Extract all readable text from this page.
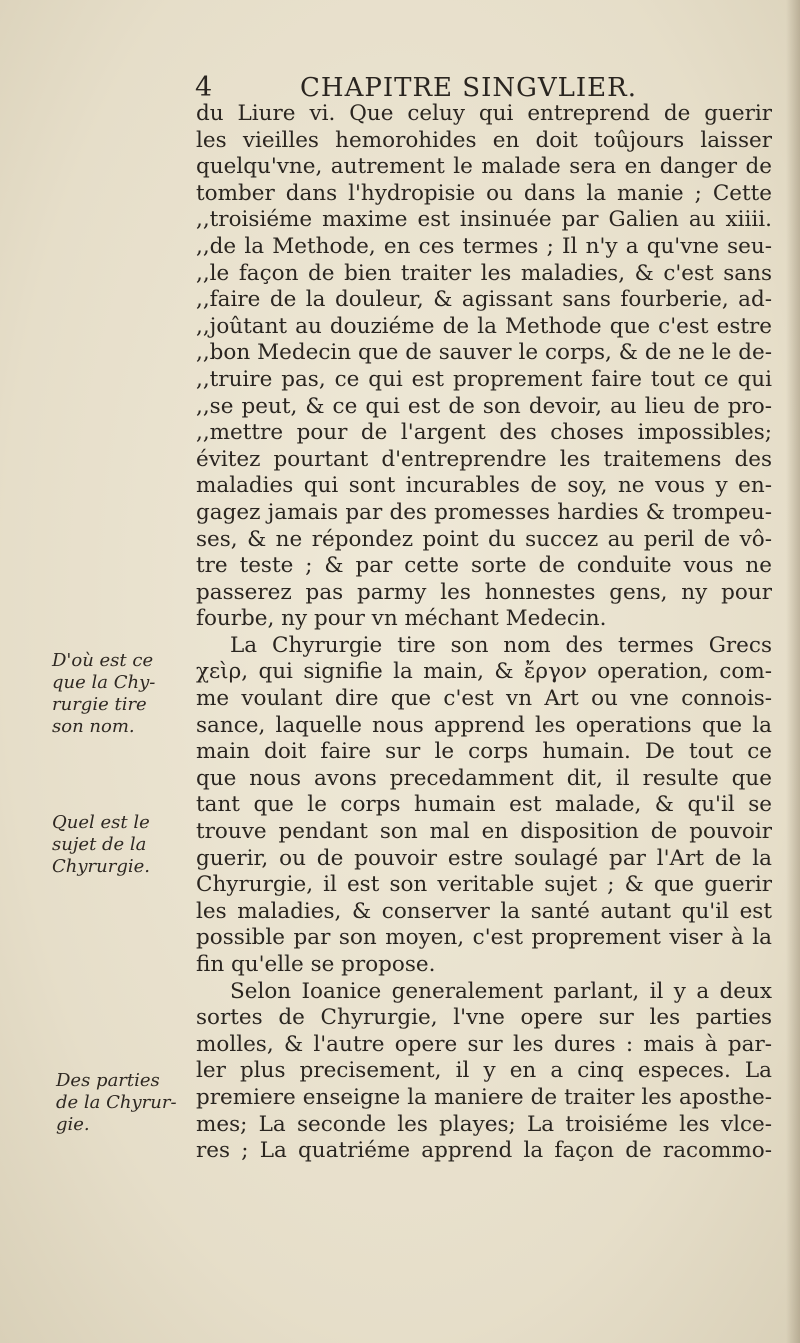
4	CHAPITRE SINGVLIER.
du Liure vi. Que celuy qui entreprend de guerir
les vieilles hemorohides en doit toûjours laisser
quelqu'vne, autrement le malade sera en danger de
tomber dans l'hydropisie ou dans la manie ; Cette
,,troisiéme maxime est insinuée par Galien au xiiii.
,,de la Methode, en ces termes ; Il n'y a qu'vne seu-
,,le façon de bien traiter les maladies, & c'est sans
,,faire de la douleur, & agissant sans fourberie, ad-
,,joûtant au douziéme de la Methode que c'est estre
,,bon Medecin que de sauver le corps, & de ne le de-
,,truire pas, ce qui est proprement faire tout ce qui
,,se peut, & ce qui est de son devoir, au lieu de pro-
,,mettre pour de l'argent des choses impossibles;
évitez pourtant d'entreprendre les traitemens des
maladies qui sont incurables de soy, ne vous y en-
gagez jamais par des promesses hardies & trompeu-
ses, & ne répondez point du succez au peril de vô-
tre teste ; & par cette sorte de conduite vous ne
passerez pas parmy les honnestes gens, ny pour
fourbe, ny pour vn méchant Medecin.
La Chyrurgie tire son nom des termes Grecs
χεὶρ, qui signifie la main, & ἔργον operation, com-
me voulant dire que c'est vn Art ou vne connois-
sance, laquelle nous apprend les operations que la
main doit faire sur le corps humain. De tout ce
que nous avons precedamment dit, il resulte que
tant que le corps humain est malade, & qu'il se
trouve pendant son mal en disposition de pouvoir
guerir, ou de pouvoir estre soulagé par l'Art de la
Chyrurgie, il est son veritable sujet ; & que guerir
les maladies, & conserver la santé autant qu'il est
possible par son moyen, c'est proprement viser à la
fin qu'elle se propose.
Selon Ioanice generalement parlant, il y a deux
sortes de Chyrurgie, l'vne opere sur les parties
molles, & l'autre opere sur les dures : mais à par-
ler plus precisement, il y en a cinq especes. La
premiere enseigne la maniere de traiter les aposthe-
mes; La seconde les playes; La troisiéme les vlce-
res ; La quatriéme apprend la façon de racommo-
D'où est ce
que la Chy-
rurgie tire
son nom.
Quel est le
sujet de la
Chyrurgie.
Des parties
de la Chyrur-
gie.
